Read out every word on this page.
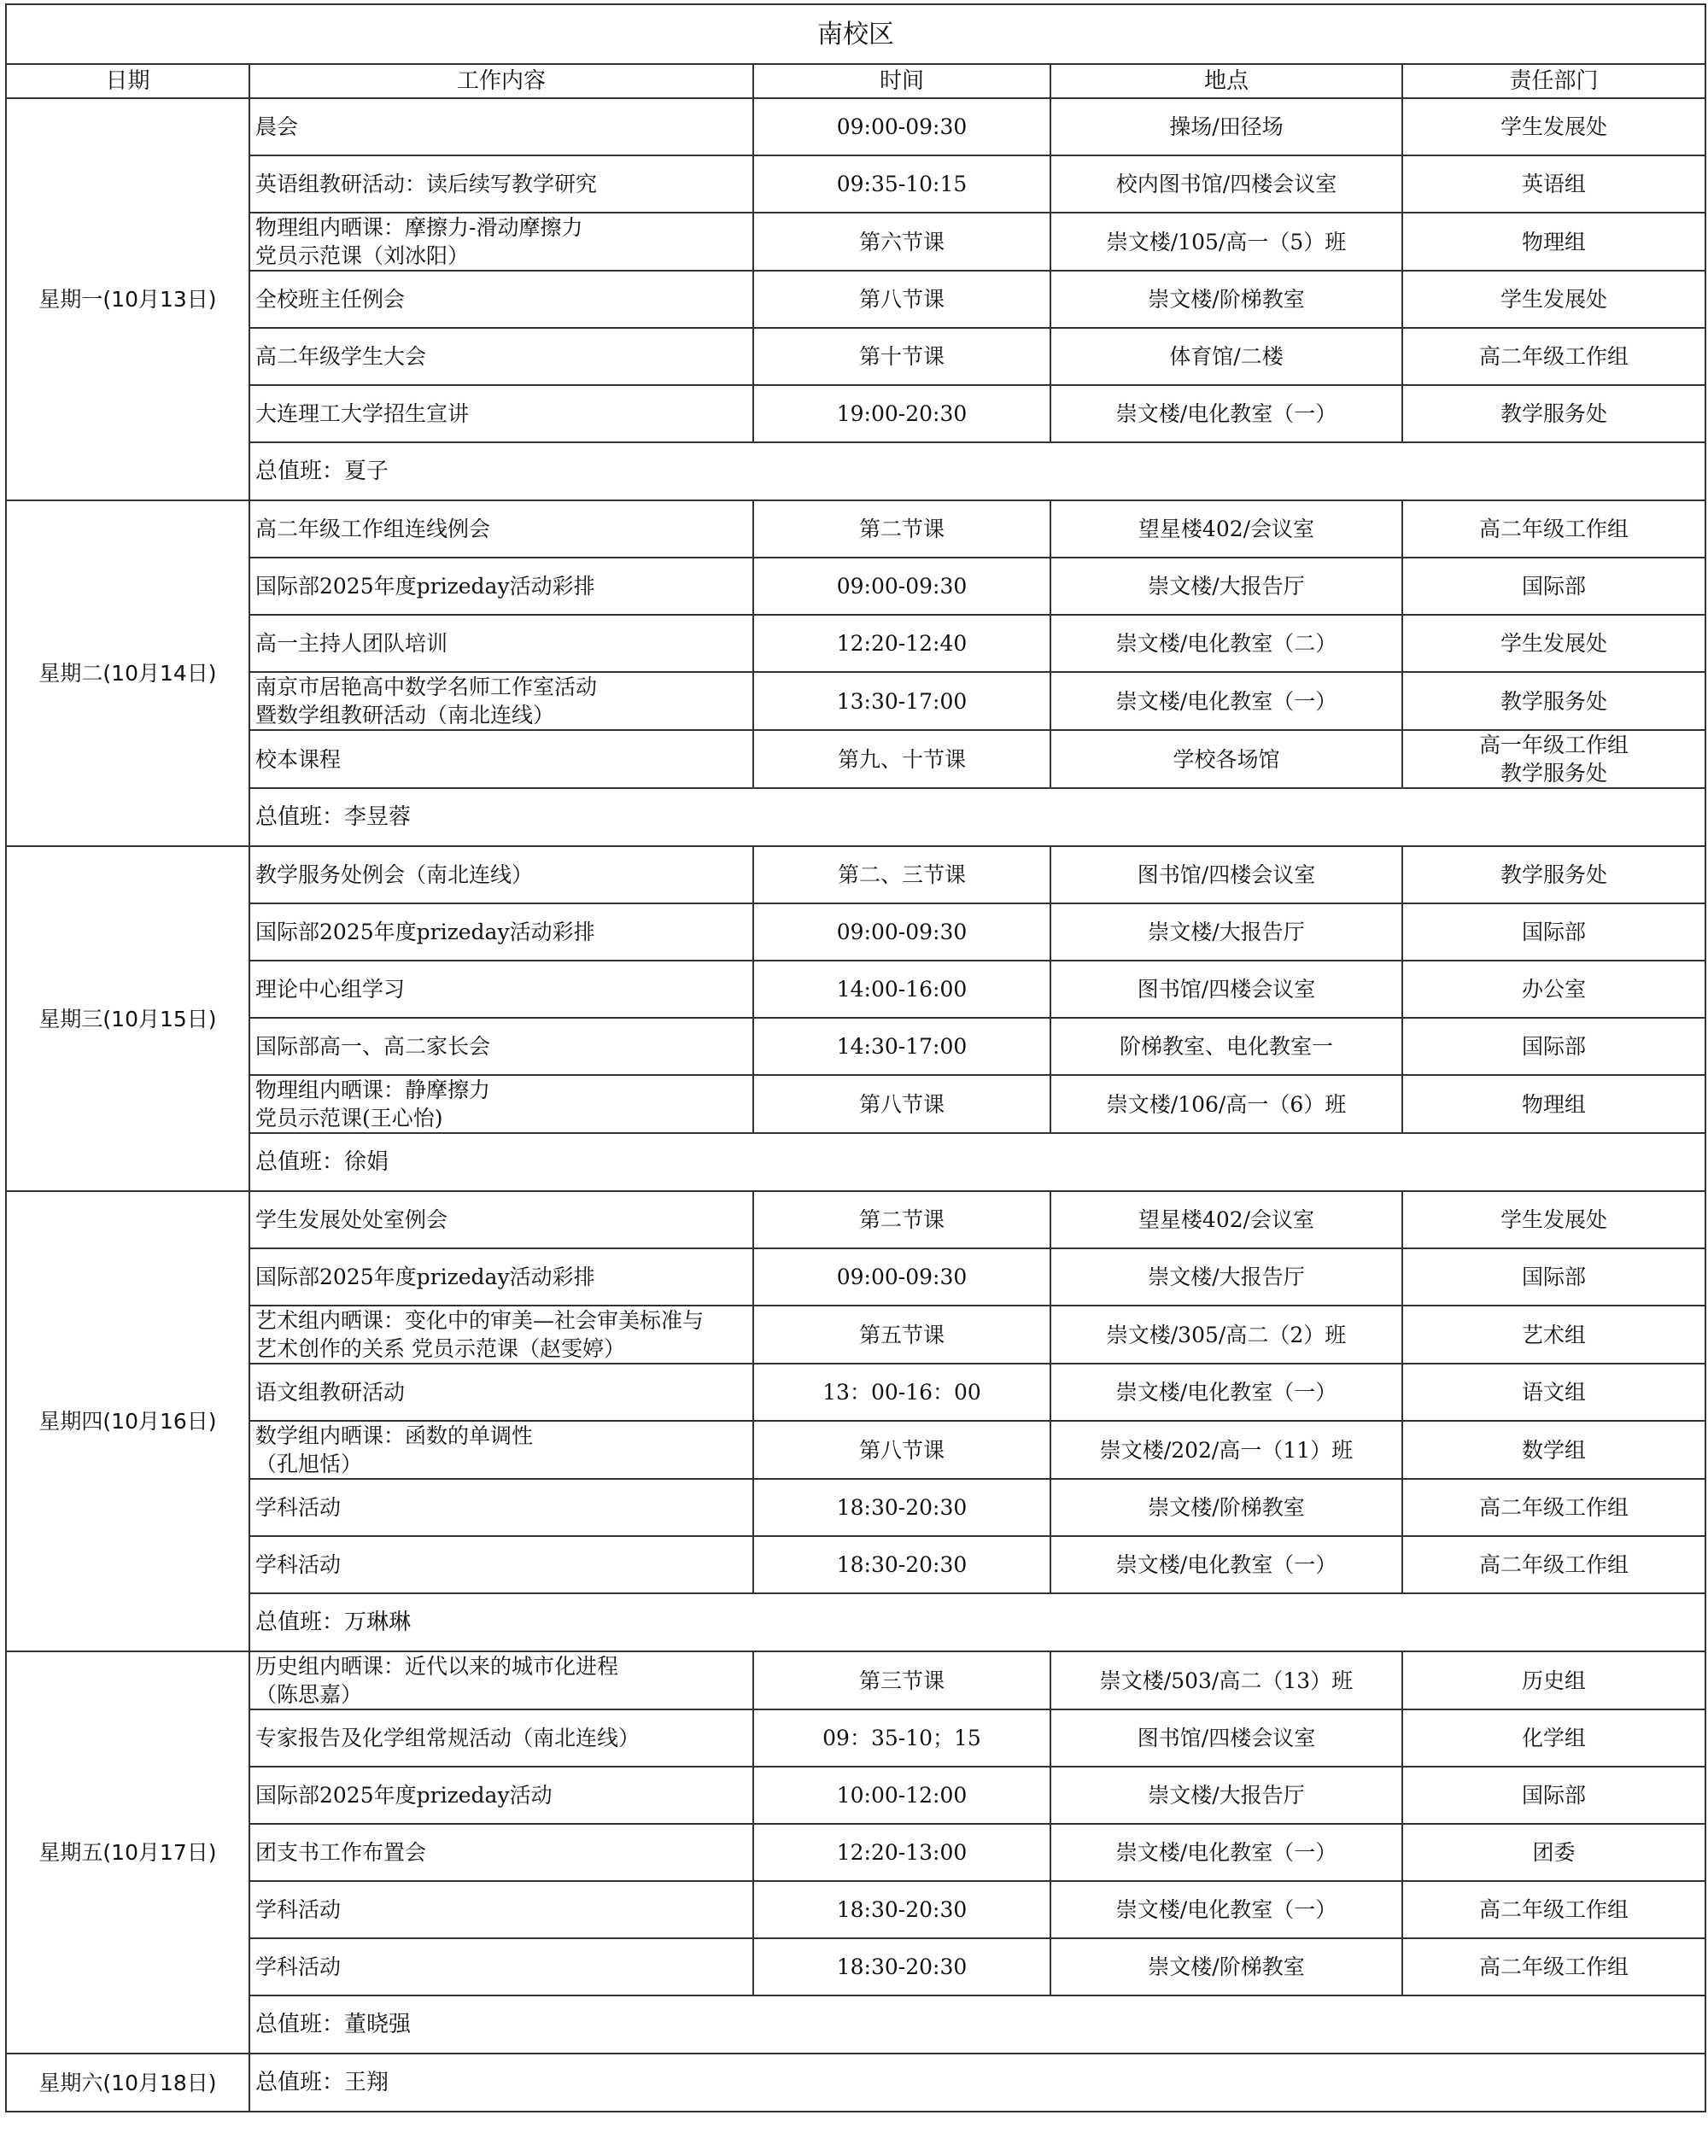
南校区				
日期	工作内容	时间	地点	责任部门
星期一(10月13日)	晨会	09:00-09:30	操场/田径场	学生发展处

	英语组教研活动：读后续写教学研究	09:35-10:15	校内图书馆/四楼会议室	英语组

	物理组内晒课：摩擦力-滑动摩擦力
党员示范课（刘冰阳）	第六节课	崇文楼/105/高一（5）班	物理组

	全校班主任例会	第八节课	崇文楼/阶梯教室	学生发展处

	高二年级学生大会	第十节课	体育馆/二楼	高二年级工作组

	大连理工大学招生宣讲	19:00-20:30	崇文楼/电化教室（一）	教学服务处

	总值班：夏子			
星期二(10月14日)	高二年级工作组连线例会	第二节课	望星楼402/会议室	高二年级工作组

	国际部2025年度prizeday活动彩排	09:00-09:30	崇文楼/大报告厅	国际部

	高一主持人团队培训	12:20-12:40	崇文楼/电化教室（二）	学生发展处

	南京市居艳高中数学名师工作室活动
暨数学组教研活动（南北连线）	13:30-17:00	崇文楼/电化教室（一）	教学服务处

	校本课程	第九、十节课	学校各场馆	高一年级工作组
教学服务处

	总值班：李昱蓉			
星期三(10月15日)	教学服务处例会（南北连线）	第二、三节课	图书馆/四楼会议室	教学服务处

	国际部2025年度prizeday活动彩排	09:00-09:30	崇文楼/大报告厅	国际部

	理论中心组学习	14:00-16:00	图书馆/四楼会议室	办公室

	国际部高一、高二家长会	14:30-17:00	阶梯教室、电化教室一	国际部

	物理组内晒课：静摩擦力
党员示范课(王心怡)	第八节课	崇文楼/106/高一（6）班	物理组

	总值班：徐娟			
星期四(10月16日)	学生发展处处室例会	第二节课	望星楼402/会议室	学生发展处

	国际部2025年度prizeday活动彩排	09:00-09:30	崇文楼/大报告厅	国际部

	艺术组内晒课：变化中的审美—社会审美标准与
艺术创作的关系 党员示范课（赵雯婷）	第五节课	崇文楼/305/高二（2）班	艺术组

	语文组教研活动	13：00-16：00	崇文楼/电化教室（一）	语文组

	数学组内晒课：函数的单调性
（孔旭恬）	第八节课	崇文楼/202/高一（11）班	数学组

	学科活动	18:30-20:30	崇文楼/阶梯教室	高二年级工作组

	学科活动	18:30-20:30	崇文楼/电化教室（一）	高二年级工作组

	总值班：万琳琳			
星期五(10月17日)	历史组内晒课：近代以来的城市化进程
（陈思嘉）	第三节课	崇文楼/503/高二（13）班	历史组

	专家报告及化学组常规活动（南北连线）	09：35-10；15	图书馆/四楼会议室	化学组

	国际部2025年度prizeday活动	10:00-12:00	崇文楼/大报告厅	国际部

	团支书工作布置会	12:20-13:00	崇文楼/电化教室（一）	团委

	学科活动	18:30-20:30	崇文楼/电化教室（一）	高二年级工作组

	学科活动	18:30-20:30	崇文楼/阶梯教室	高二年级工作组

	总值班：董晓强			
星期六(10月18日)	总值班：王翔			
